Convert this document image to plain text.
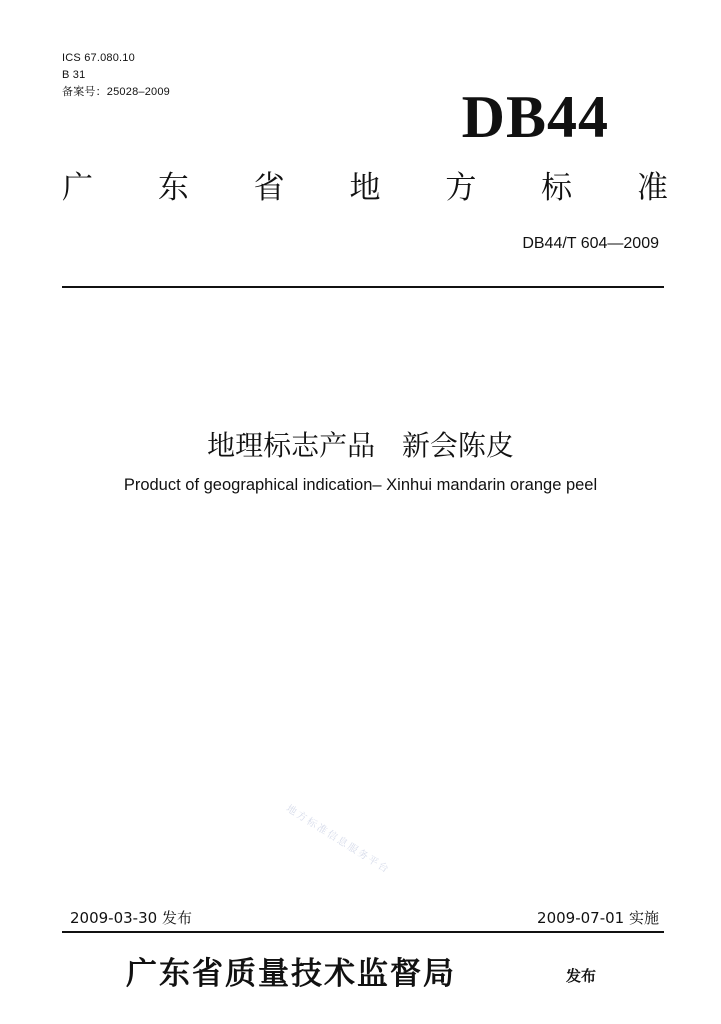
ICS 67.080.10
B 31
备案号：25028–2009	DB44
广 东 省 地 方 标 准
DB44/T 604—2009
地理标志产品   新会陈皮
Product of geographical indication– Xinhui mandarin orange peel
地方标准信息服务平台
2009-03-30 发布	2009-07-01 实施
广东省质量技术监督局	发布
